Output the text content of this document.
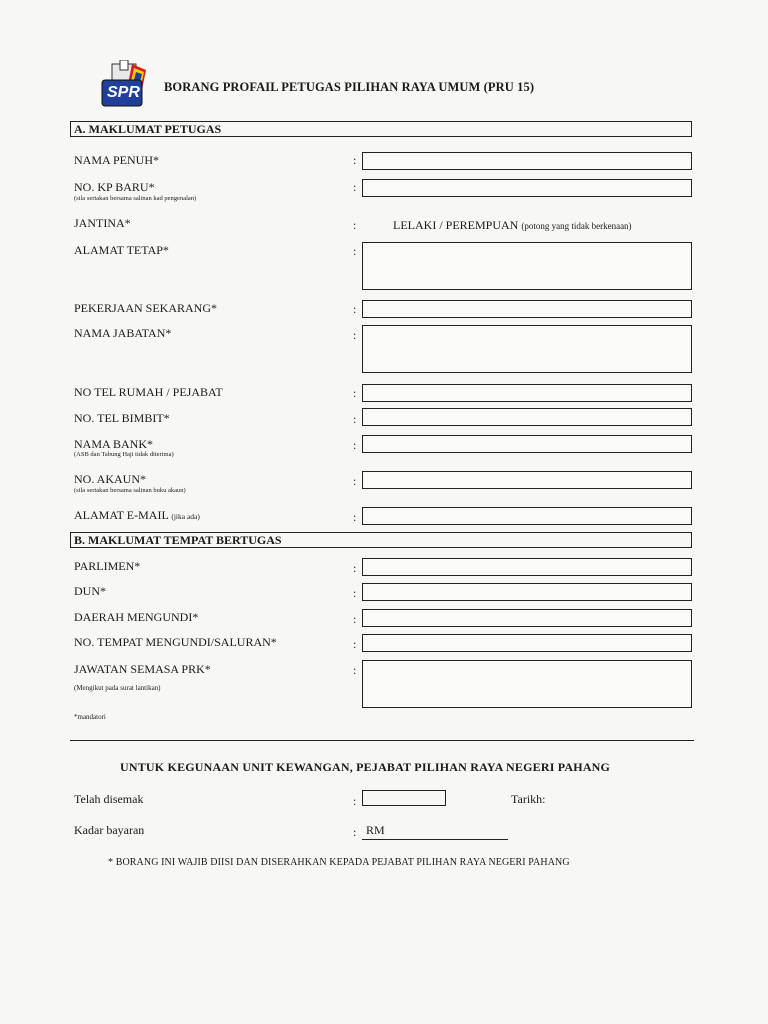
SPR BORANG PROFAIL PETUGAS PILIHAN RAYA UMUM (PRU 15)
A. MAKLUMAT PETUGAS
NAMA PENUH*	:
NO. KP BARU*
(sila sertakan bersama salinan kad pengenalan)
:
JANTINA*	:	LELAKI / PEREMPUAN (potong yang tidak berkenaan)
ALAMAT TETAP*	:
PEKERJAAN SEKARANG*	:
NAMA JABATAN*	:
NO TEL RUMAH / PEJABAT	:
NO. TEL BIMBIT*	:
NAMA BANK*
(ASB dan Tabung Haji tidak diterima)
:
NO. AKAUN*
(sila sertakan bersama salinan buku akaun)
:
ALAMAT E-MAIL (jika ada)	:
B. MAKLUMAT TEMPAT BERTUGAS
PARLIMEN*	:
DUN*	:
DAERAH MENGUNDI*	:
NO. TEMPAT MENGUNDI/SALURAN*	:
JAWATAN SEMASA PRK*
(Mengikut pada surat lantikan)
:
*mandatori
UNTUK KEGUNAAN UNIT KEWANGAN, PEJABAT PILIHAN RAYA NEGERI PAHANG
Telah disemak	:	Tarikh:
Kadar bayaran	: RM
* BORANG INI WAJIB DIISI DAN DISERAHKAN KEPADA PEJABAT PILIHAN RAYA NEGERI PAHANG
